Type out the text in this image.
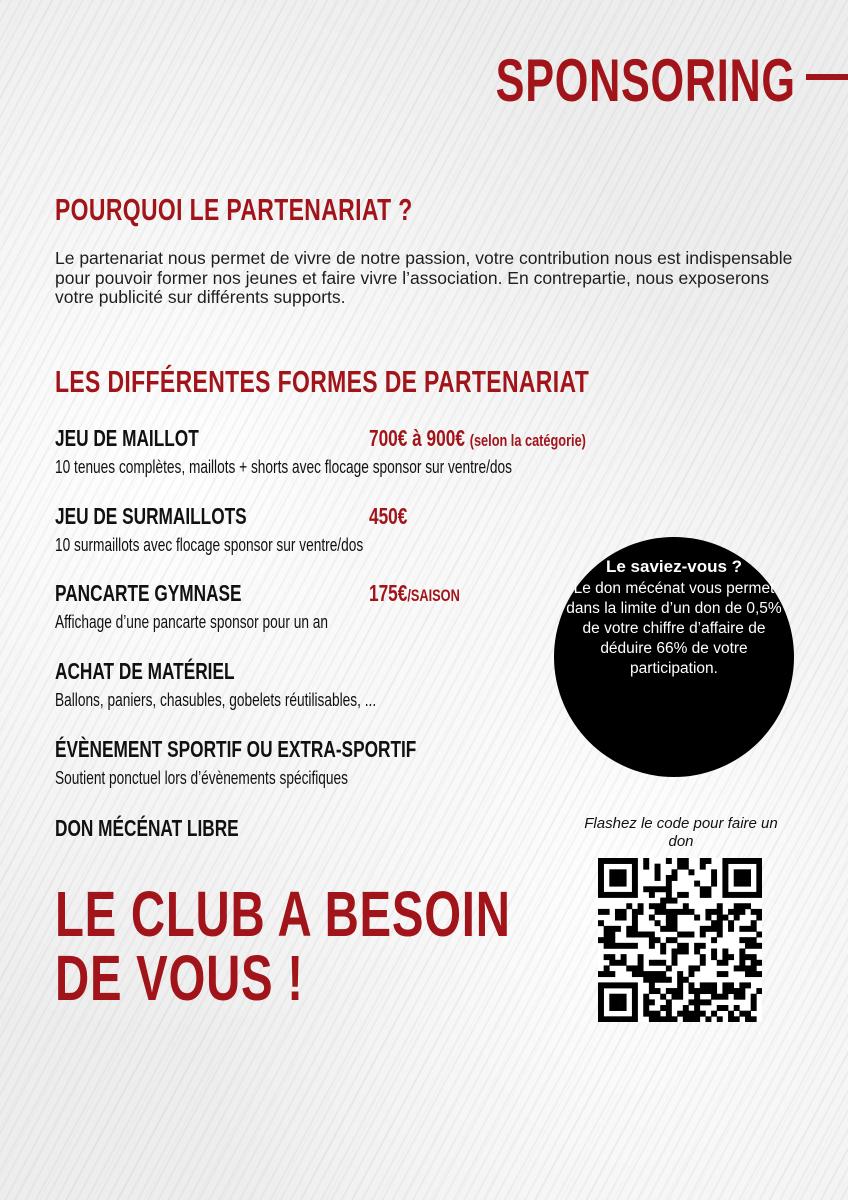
SPONSORING
POURQUOI LE PARTENARIAT ?
Le partenariat nous permet de vivre de notre passion, votre contribution nous est indispensable pour pouvoir former nos jeunes et faire vivre l’association. En contrepartie, nous exposerons votre publicité sur différents supports.
LES DIFFÉRENTES FORMES DE PARTENARIAT
JEU DE MAILLOT	700€ à 900€ (selon la catégorie)
10 tenues complètes, maillots + shorts avec flocage sponsor sur ventre/dos
JEU DE SURMAILLOTS	450€
10 surmaillots avec flocage sponsor sur ventre/dos
PANCARTE GYMNASE	175€/SAISON
Affichage d’une pancarte sponsor pour un an
ACHAT DE MATÉRIEL
Ballons, paniers, chasubles, gobelets réutilisables, ...
ÉVÈNEMENT SPORTIF OU EXTRA-SPORTIF
Soutient ponctuel lors d’évènements spécifiques
DON MÉCÉNAT LIBRE
Le saviez-vous ?
Le don mécénat vous permet dans la limite d’un don de 0,5% de votre chiffre d’affaire de déduire 66% de votre participation.
Flashez le code pour faire un don
LE CLUB A BESOIN
DE VOUS !
